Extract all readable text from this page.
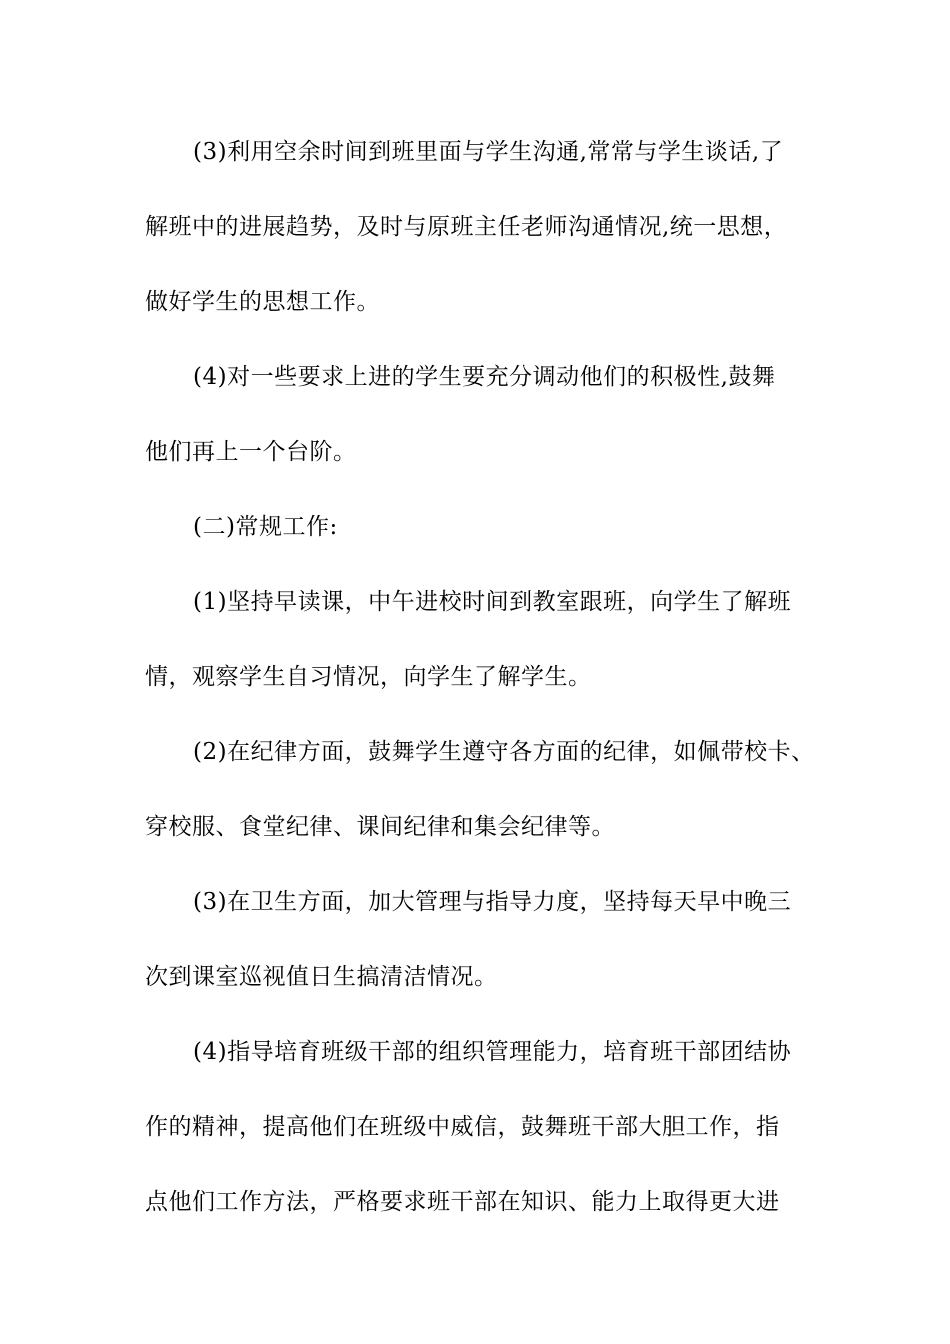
(3)利用空余时间到班里面与学生沟通,常常与学生谈话,了
解班中的进展趋势，及时与原班主任老师沟通情况,统一思想，
做好学生的思想工作。
(4)对一些要求上进的学生要充分调动他们的积极性,鼓舞
他们再上一个台阶。
(二)常规工作:
(1)坚持早读课，中午进校时间到教室跟班，向学生了解班
情，观察学生自习情况，向学生了解学生。
(2)在纪律方面，鼓舞学生遵守各方面的纪律，如佩带校卡、
穿校服、食堂纪律、课间纪律和集会纪律等。
(3)在卫生方面，加大管理与指导力度，坚持每天早中晚三
次到课室巡视值日生搞清洁情况。
(4)指导培育班级干部的组织管理能力，培育班干部团结协
作的精神，提高他们在班级中威信，鼓舞班干部大胆工作，指
点他们工作方法，严格要求班干部在知识、能力上取得更大进
